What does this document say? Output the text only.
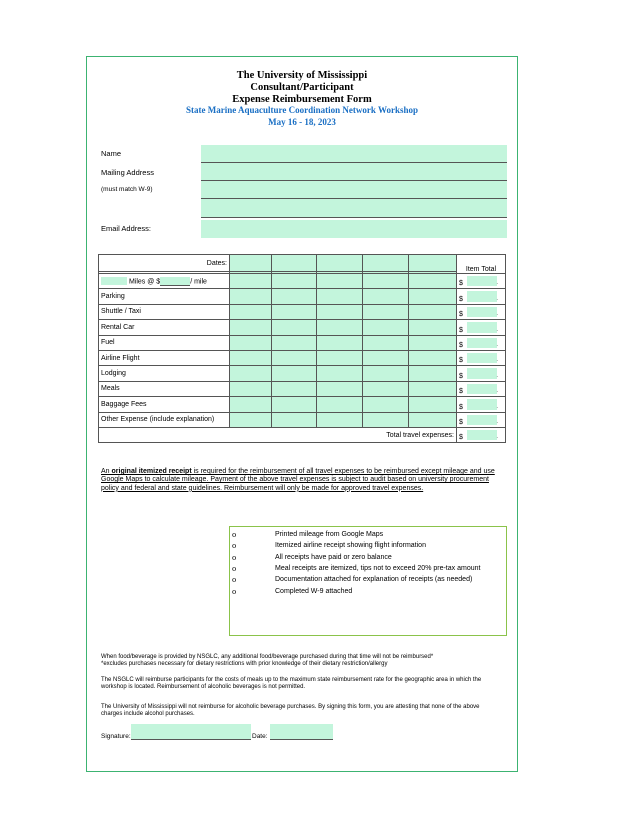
The University of Mississippi
Consultant/Participant
Expense Reimbursement Form
State Marine Aquaculture Coordination Network Workshop
May 16 - 18, 2023
Name
Mailing Address
(must match W-9)
Email Address:
Dates:						Item Total

Miles @ $ / mile						$ .

Parking						$ .

Shuttle / Taxi						$ .

Rental Car						$ .

Fuel						$ .

Airline Flight						$ .

Lodging						$ .

Meals						$ .

Baggage Fees						$ .

Other Expense (include explanation)						$ .

Total travel expenses:						$ .
An original itemized receipt is required for the reimbursement of all travel expenses to be reimbursed except mileage and use Google Maps to calculate mileage. Payment of the above travel expenses is subject to audit based on university procurement policy and federal and state guidelines. Reimbursement will only be made for approved travel expenses.
o	Printed mileage from Google Maps
o	Itemized airline receipt showing flight information
o	All receipts have paid or zero balance
o	Meal receipts are itemized, tips not to exceed 20% pre-tax amount
o	Documentation attached for explanation of receipts (as needed)
o	Completed W-9 attached
When food/beverage is provided by NSGLC, any additional food/beverage purchased during that time will not be reimbursed*
*excludes purchases necessary for dietary restrictions with prior knowledge of their dietary restriction/allergy
The NSGLC will reimburse participants for the costs of meals up to the maximum state reimbursement rate for the geographic area in which the workshop is located. Reimbursement of alcoholic beverages is not permitted.
The University of Mississippi will not reimburse for alcoholic beverage purchases. By signing this form, you are attesting that none of the above charges include alcohol purchases.
Signature:	Date:
